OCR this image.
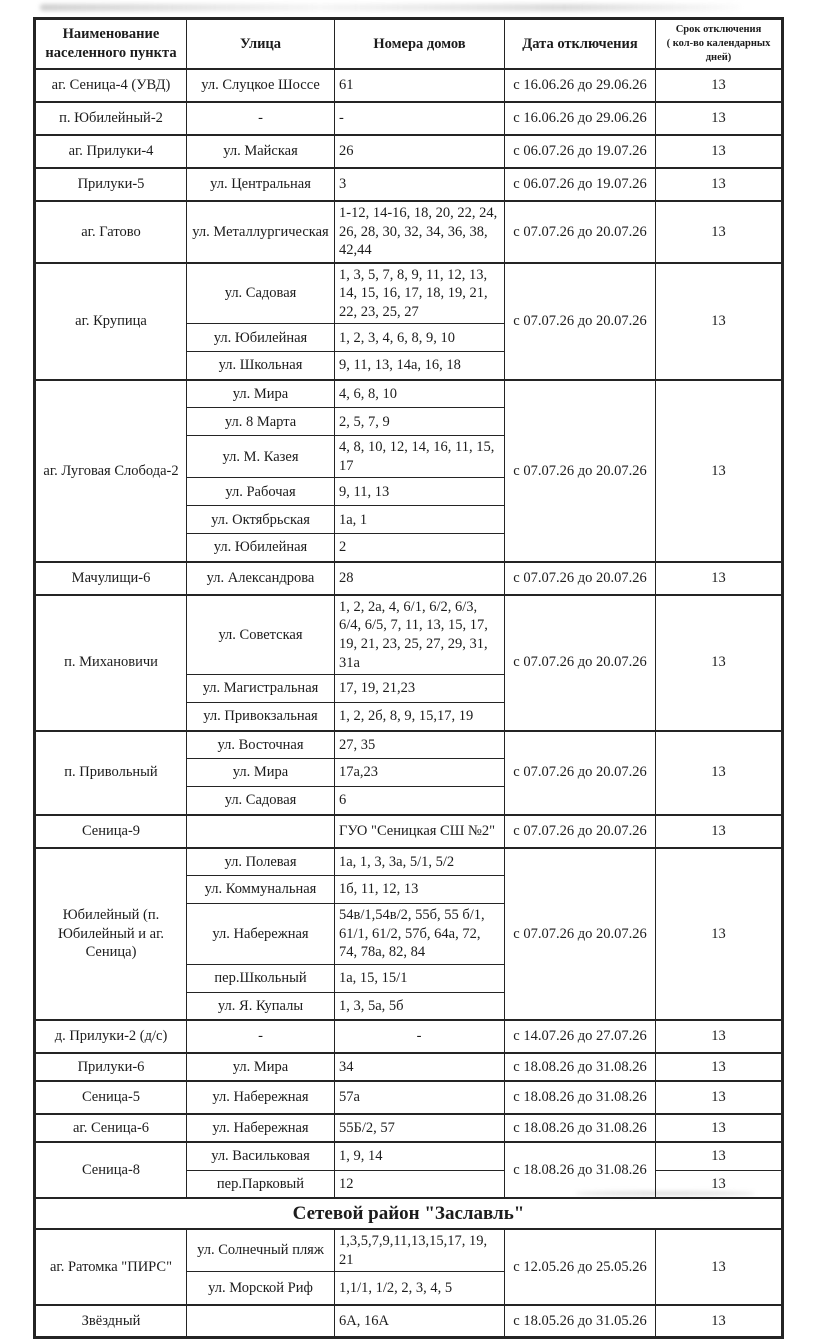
Наименование населенного пункта	Улица	Номера домов	Дата отключения	Срок отключения
( кол-во календарных дней)

аг. Сеница-4 (УВД)	ул. Слуцкое Шоссе	61	с 16.06.26 до 29.06.26	13
п. Юбилейный-2	-	-	с 16.06.26 до 29.06.26	13
аг. Прилуки-4	ул. Майская	26	с 06.07.26 до 19.07.26	13
Прилуки-5	ул. Центральная	3	с 06.07.26 до 19.07.26	13
аг. Гатово	ул. Металлургическая	1-12, 14-16, 18, 20, 22, 24, 26, 28, 30, 32, 34, 36, 38, 42,44	с 07.07.26 до 20.07.26	13
аг. Крупица	ул. Садовая	1, 3, 5, 7, 8, 9, 11, 12, 13, 14, 15, 16, 17, 18, 19, 21, 22, 23, 25, 27	с 07.07.26 до 20.07.26	13
	ул. Юбилейная	1, 2, 3, 4, 6, 8, 9, 10		
	ул. Школьная	9, 11, 13, 14а, 16, 18		
аг. Луговая Слобода-2	ул. Мира	4, 6, 8, 10	с 07.07.26 до 20.07.26	13
	ул. 8 Марта	2, 5, 7, 9		
	ул. М. Казея	4, 8, 10, 12, 14, 16, 11, 15, 17		
	ул. Рабочая	9, 11, 13		
	ул. Октябрьская	1а, 1		
	ул. Юбилейная	2		
Мачулищи-6	ул. Александрова	28	с 07.07.26 до 20.07.26	13
п. Михановичи	ул. Советская	1, 2, 2а, 4, 6/1, 6/2, 6/3, 6/4, 6/5, 7, 11, 13, 15, 17, 19, 21, 23, 25, 27, 29, 31, 31а	с 07.07.26 до 20.07.26	13
	ул. Магистральная	17, 19, 21,23		
	ул. Привокзальная	1, 2, 2б, 8, 9, 15,17, 19		
п. Привольный	ул. Восточная	27, 35	с 07.07.26 до 20.07.26	13
	ул. Мира	17а,23		
	ул. Садовая	6		
Сеница-9		ГУО "Сеницкая СШ №2"	с 07.07.26 до 20.07.26	13
Юбилейный (п. Юбилейный и аг. Сеница)	ул. Полевая	1а, 1, 3, 3а, 5/1, 5/2	с 07.07.26 до 20.07.26	13
	ул. Коммунальная	1б, 11, 12, 13		
	ул. Набережная	54в/1,54в/2, 55б, 55 б/1, 61/1, 61/2, 57б, 64а, 72, 74, 78а, 82, 84		
	пер.Школьный	1а, 15, 15/1		
	ул. Я. Купалы	1, 3, 5а, 5б		
д. Прилуки-2 (д/с)	-	-	с 14.07.26 до 27.07.26	13
Прилуки-6	ул. Мира	34	с 18.08.26 до 31.08.26	13
Сеница-5	ул. Набережная	57а	с 18.08.26 до 31.08.26	13
аг. Сеница-6	ул. Набережная	55Б/2, 57	с 18.08.26 до 31.08.26	13
Сеница-8	ул. Васильковая	1, 9, 14	с 18.08.26 до 31.08.26	13
	пер.Парковый	12		13
Сетевой район "Заславль"				
аг. Ратомка "ПИРС"	ул. Солнечный пляж	1,3,5,7,9,11,13,15,17, 19, 21	с 12.05.26 до 25.05.26	13
	ул. Морской Риф	1,1/1, 1/2, 2, 3, 4, 5		
Звёздный		6А, 16А	с 18.05.26 до 31.05.26	13
